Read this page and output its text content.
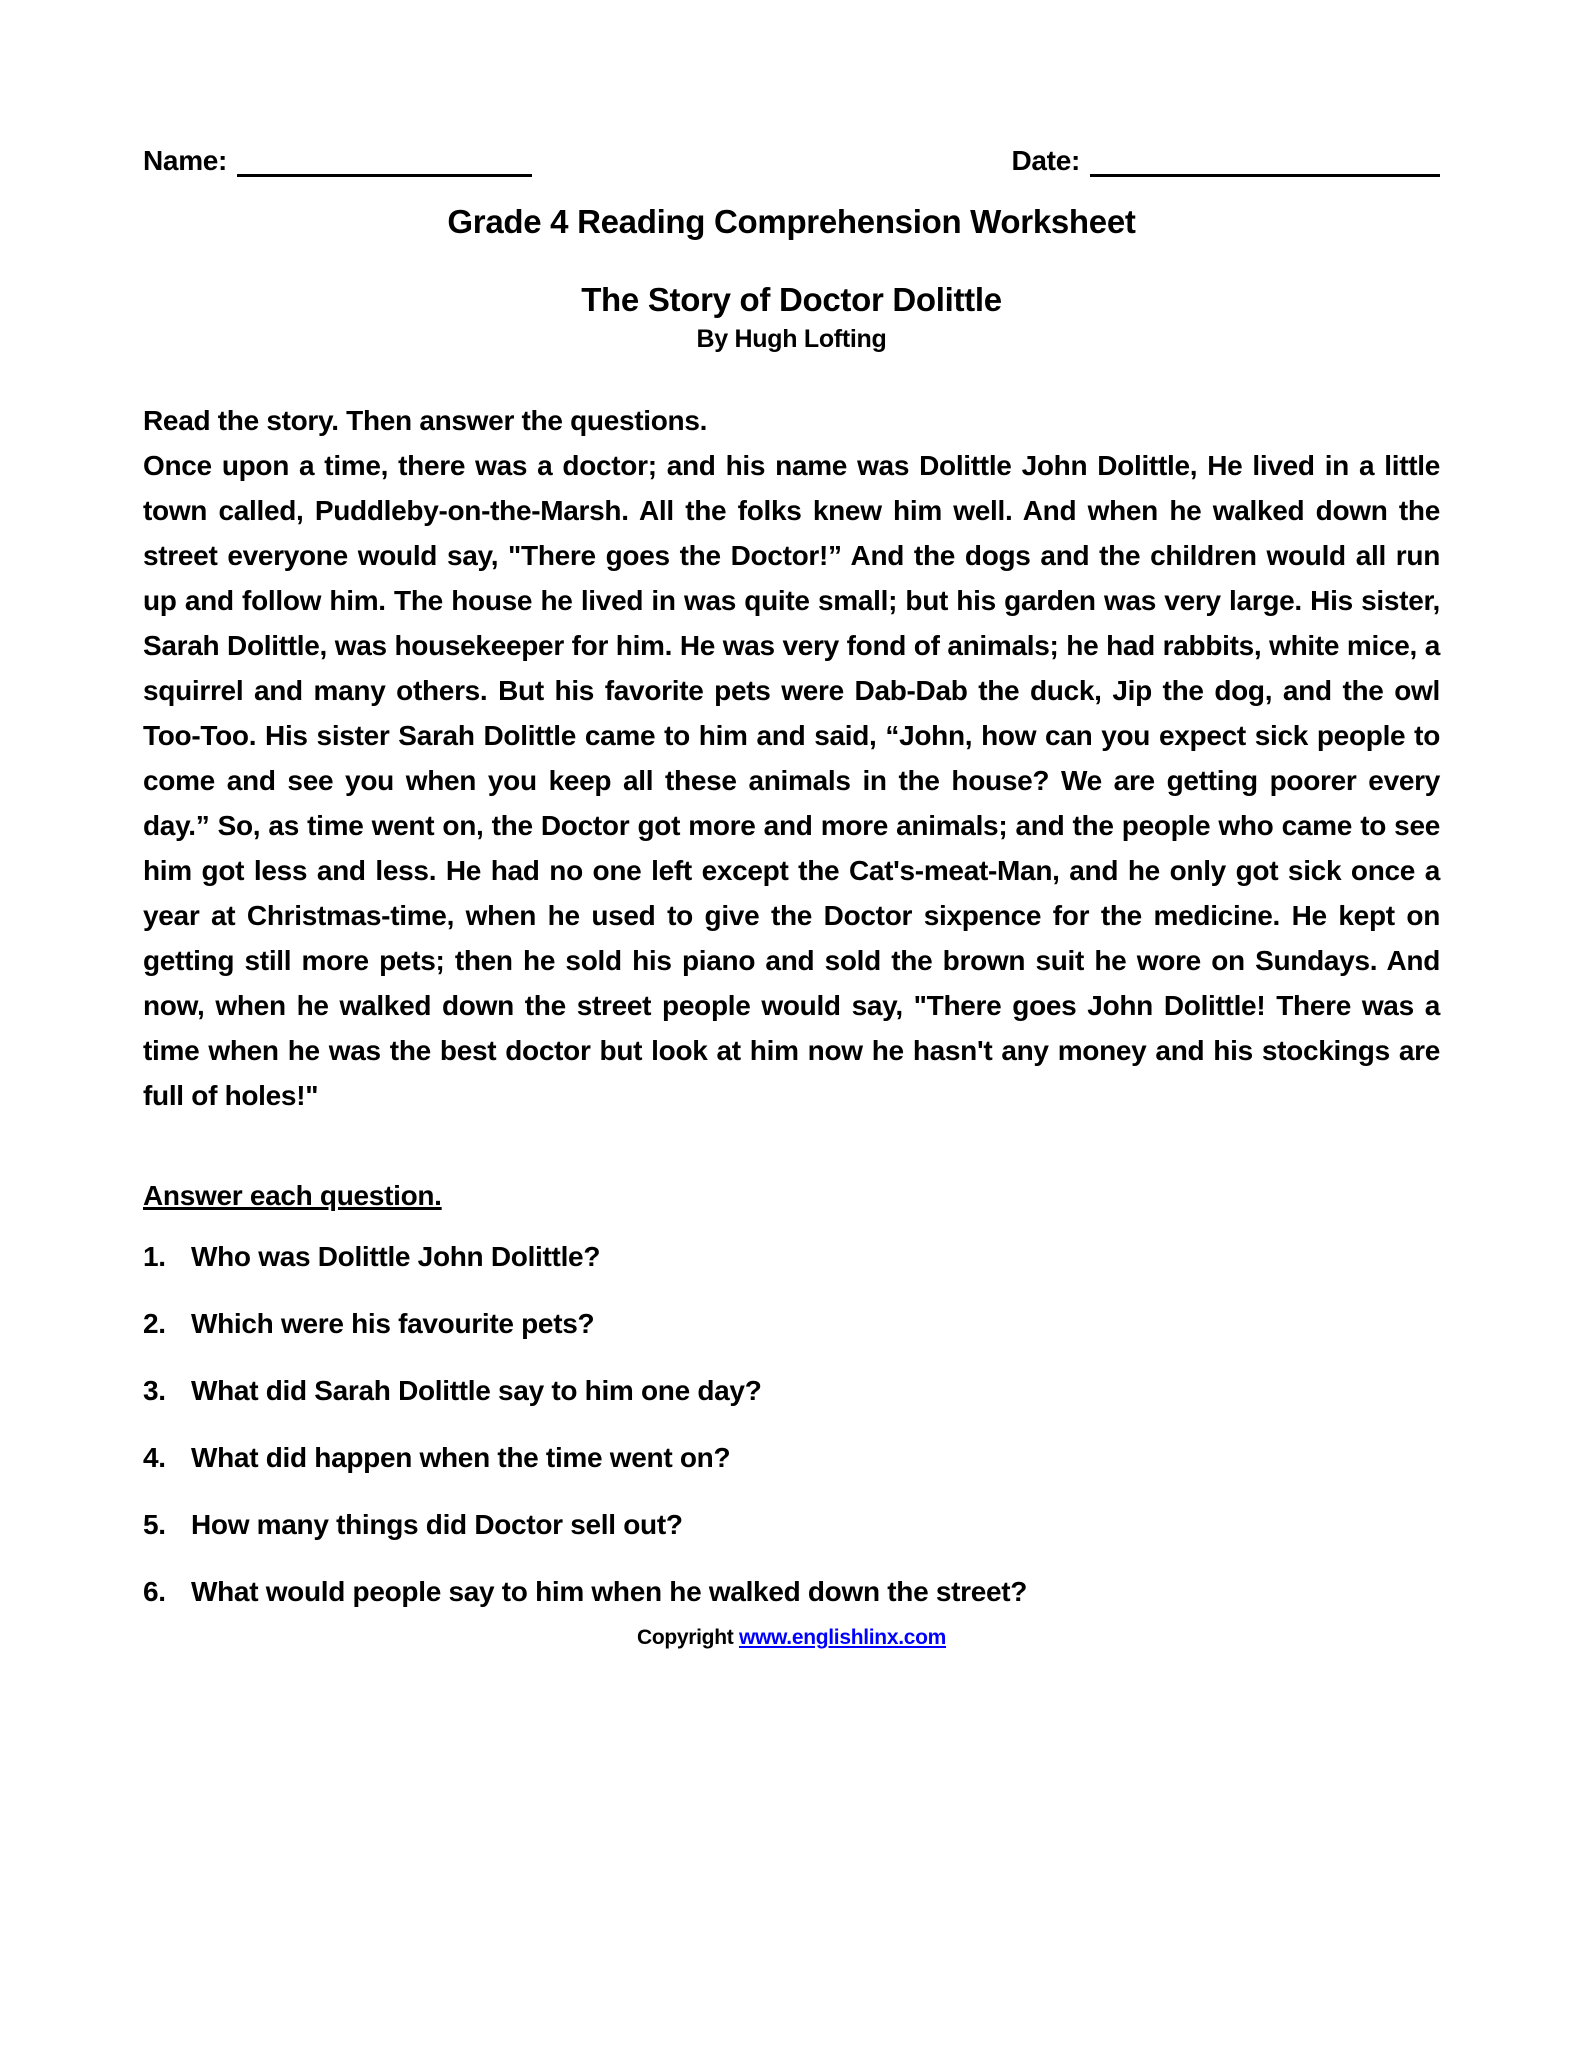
Name:	Date:
Grade 4 Reading Comprehension Worksheet
The Story of Doctor Dolittle
By Hugh Lofting
Read the story. Then answer the questions.
Once upon a time, there was a doctor; and his name was Dolittle John Dolittle, He lived in a little town called, Puddleby-on-the-Marsh. All the folks knew him well. And when he walked down the street everyone would say, "There goes the Doctor!” And the dogs and the children would all run up and follow him. The house he lived in was quite small; but his garden was very large. His sister, Sarah Dolittle, was housekeeper for him. He was very fond of animals; he had rabbits, white mice, a squirrel and many others. But his favorite pets were Dab-Dab the duck, Jip the dog, and the owl Too-Too. His sister Sarah Dolittle came to him and said, “John, how can you expect sick people to come and see you when you keep all these animals in the house? We are getting poorer every day.” So, as time went on, the Doctor got more and more animals; and the people who came to see him got less and less. He had no one left except the Cat's-meat-Man, and he only got sick once a year at Christmas-time, when he used to give the Doctor sixpence for the medicine. He kept on getting still more pets; then he sold his piano and sold the brown suit he wore on Sundays. And now, when he walked down the street people would say, "There goes John Dolittle! There was a time when he was the best doctor but look at him now he hasn't any money and his stockings are full of holes!"
Answer each question.
1. Who was Dolittle John Dolittle?
2. Which were his favourite pets?
3. What did Sarah Dolittle say to him one day?
4. What did happen when the time went on?
5. How many things did Doctor sell out?
6. What would people say to him when he walked down the street?
Copyright www.englishlinx.com
